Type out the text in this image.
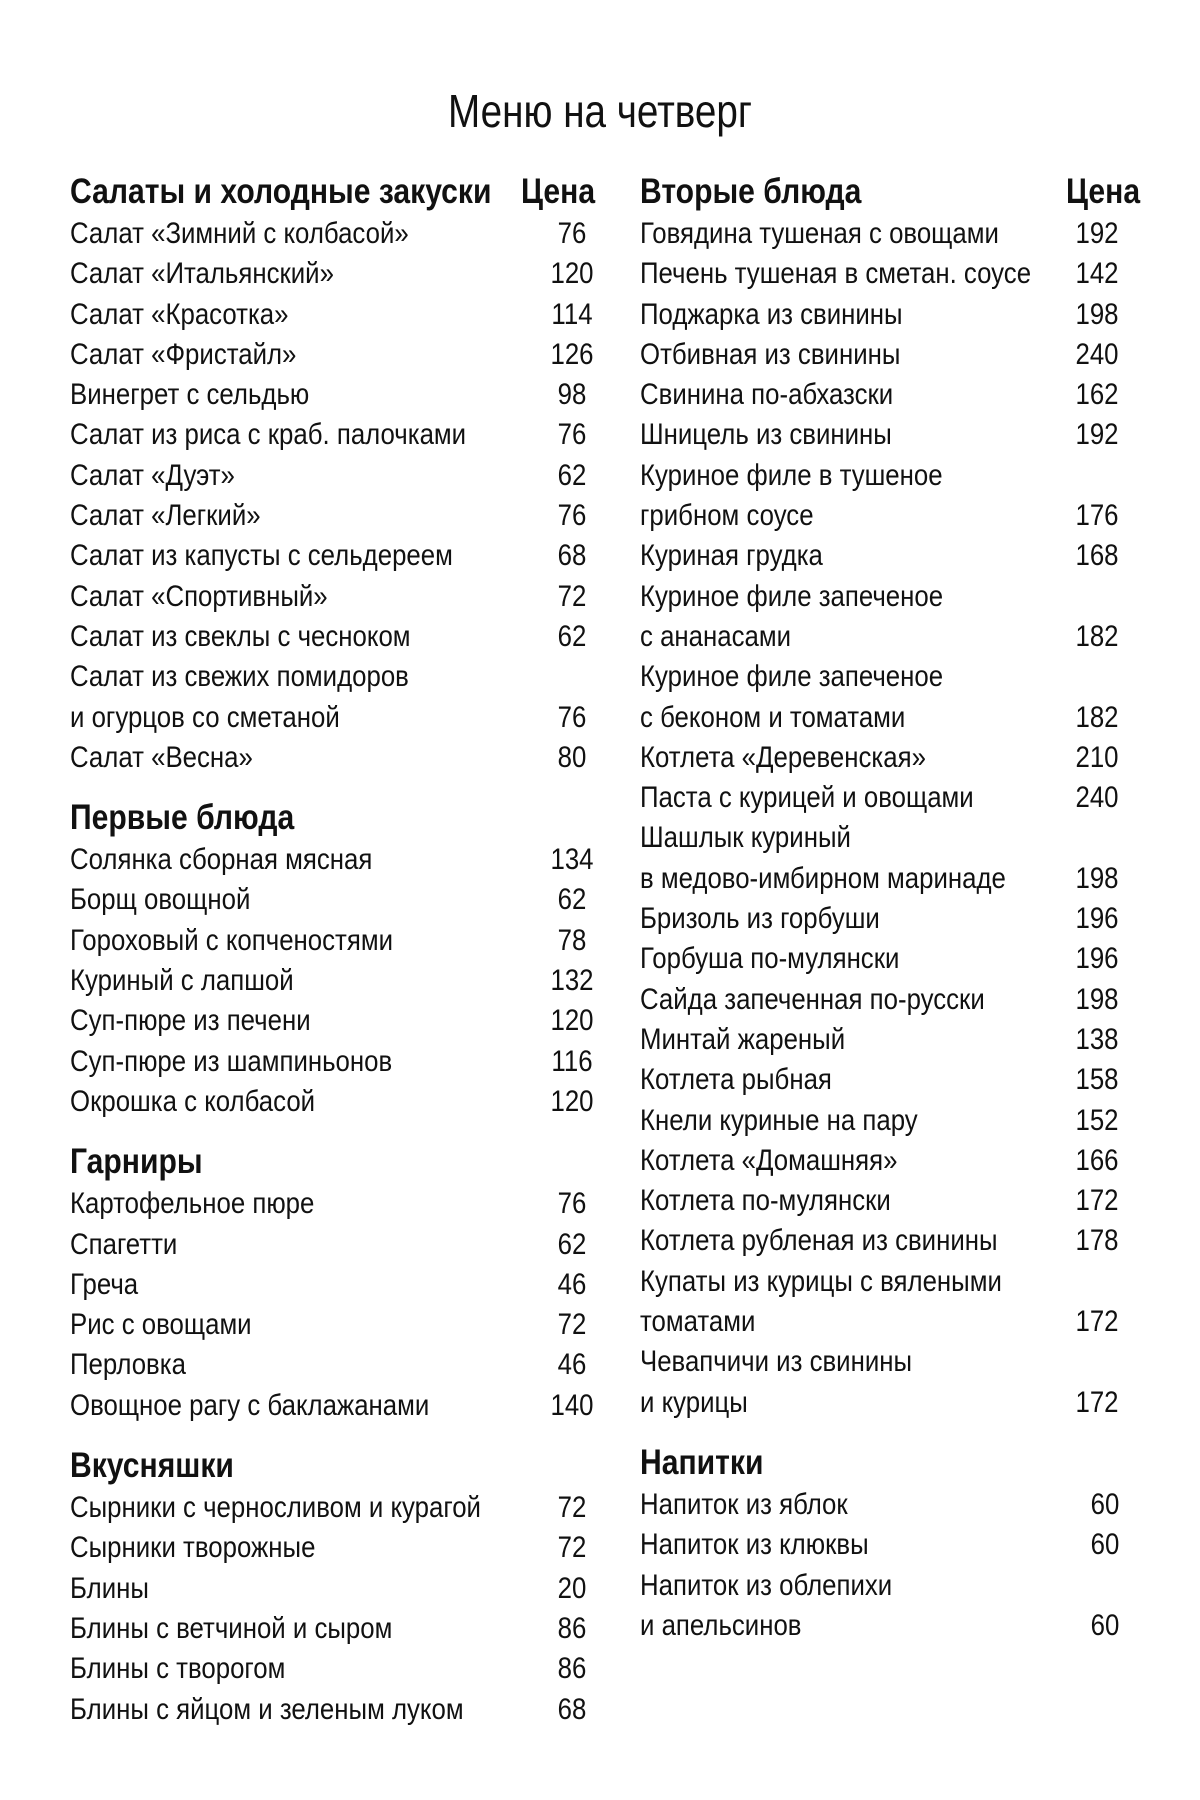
Меню на четверг
Салаты и холодные закуски Цена
Салат «Зимний с колбасой»	76
Салат «Итальянский»	120
Салат «Красотка»	114
Салат «Фристайл»	126
Винегрет с сельдью	98
Салат из риса с краб. палочками	76
Салат «Дуэт»	62
Салат «Легкий»	76
Салат из капусты с сельдереем	68
Салат «Спортивный»	72
Салат из свеклы с чесноком	62
Салат из свежих помидоров
и огурцов со сметаной	76
Салат «Весна»	80
Первые блюда
Солянка сборная мясная	134
Борщ овощной	62
Гороховый с копченостями	78
Куриный с лапшой	132
Суп-пюре из печени	120
Суп-пюре из шампиньонов	116
Окрошка с колбасой	120
Гарниры
Картофельное пюре	76
Спагетти	62
Греча	46
Рис с овощами	72
Перловка	46
Овощное рагу с баклажанами	140
Вкусняшки
Сырники с черносливом и курагой	72
Сырники творожные	72
Блины	20
Блины с ветчиной и сыром	86
Блины с творогом	86
Блины с яйцом и зеленым луком	68
Вторые блюда	Цена
Говядина тушеная с овощами	192
Печень тушеная в сметан. соусе	142
Поджарка из свинины	198
Отбивная из свинины	240
Свинина по-абхазски	162
Шницель из свинины	192
Куриное филе в тушеное
грибном соусе	176
Куриная грудка	168
Куриное филе запеченое
с ананасами	182
Куриное филе запеченое
с беконом и томатами	182
Котлета «Деревенская»	210
Паста с курицей и овощами	240
Шашлык куриный
в медово-имбирном маринаде	198
Бризоль из горбуши	196
Горбуша по-мулянски	196
Сайда запеченная по-русски	198
Минтай жареный	138
Котлета рыбная	158
Кнели куриные на пару	152
Котлета «Домашняя»	166
Котлета по-мулянски	172
Котлета рубленая из свинины	178
Купаты из курицы с вялеными
томатами	172
Чевапчичи из свинины
и курицы	172
Напитки
Напиток из яблок	60
Напиток из клюквы	60
Напиток из облепихи
и апельсинов	60
